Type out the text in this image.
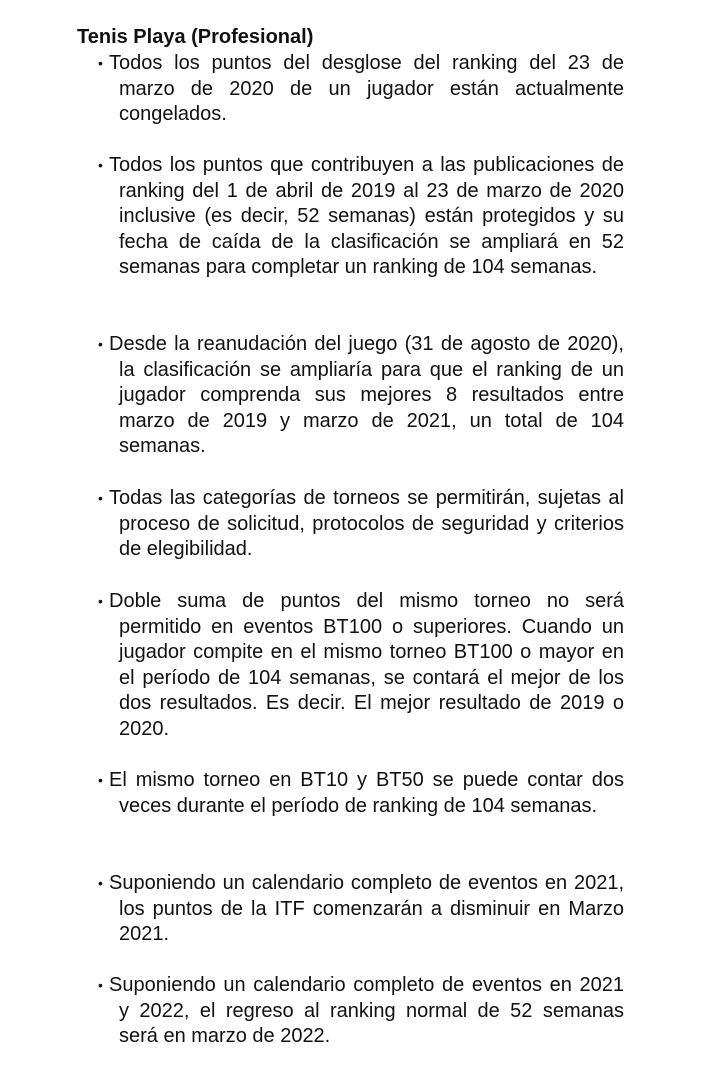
Tenis Playa (Profesional)
• Todos los puntos del desglose del ranking del 23 de marzo de 2020 de un jugador están actualmente congelados.

• Todos los puntos que contribuyen a las publicaciones de ranking del 1 de abril de 2019 al 23 de marzo de 2020 inclusive (es decir, 52 semanas) están protegidos y su fecha de caída de la clasificación se ampliará en 52 semanas para completar un ranking de 104 semanas.

• Desde la reanudación del juego (31 de agosto de 2020), la clasificación se ampliaría para que el ranking de un jugador comprenda sus mejores 8 resultados entre marzo de 2019 y marzo de 2021, un total de 104 semanas.

• Todas las categorías de torneos se permitirán, sujetas al proceso de solicitud, protocolos de seguridad y criterios de elegibilidad.

• Doble suma de puntos del mismo torneo no será permitido en eventos BT100 o superiores. Cuando un jugador compite en el mismo torneo BT100 o mayor en el período de 104 semanas, se contará el mejor de los dos resultados. Es decir. El mejor resultado de 2019 o 2020.

• El mismo torneo en BT10 y BT50 se puede contar dos veces durante el período de ranking de 104 semanas.

• Suponiendo un calendario completo de eventos en 2021, los puntos de la ITF comenzarán a disminuir en Marzo 2021.

• Suponiendo un calendario completo de eventos en 2021 y 2022, el regreso al ranking normal de 52 semanas será en marzo de 2022.
